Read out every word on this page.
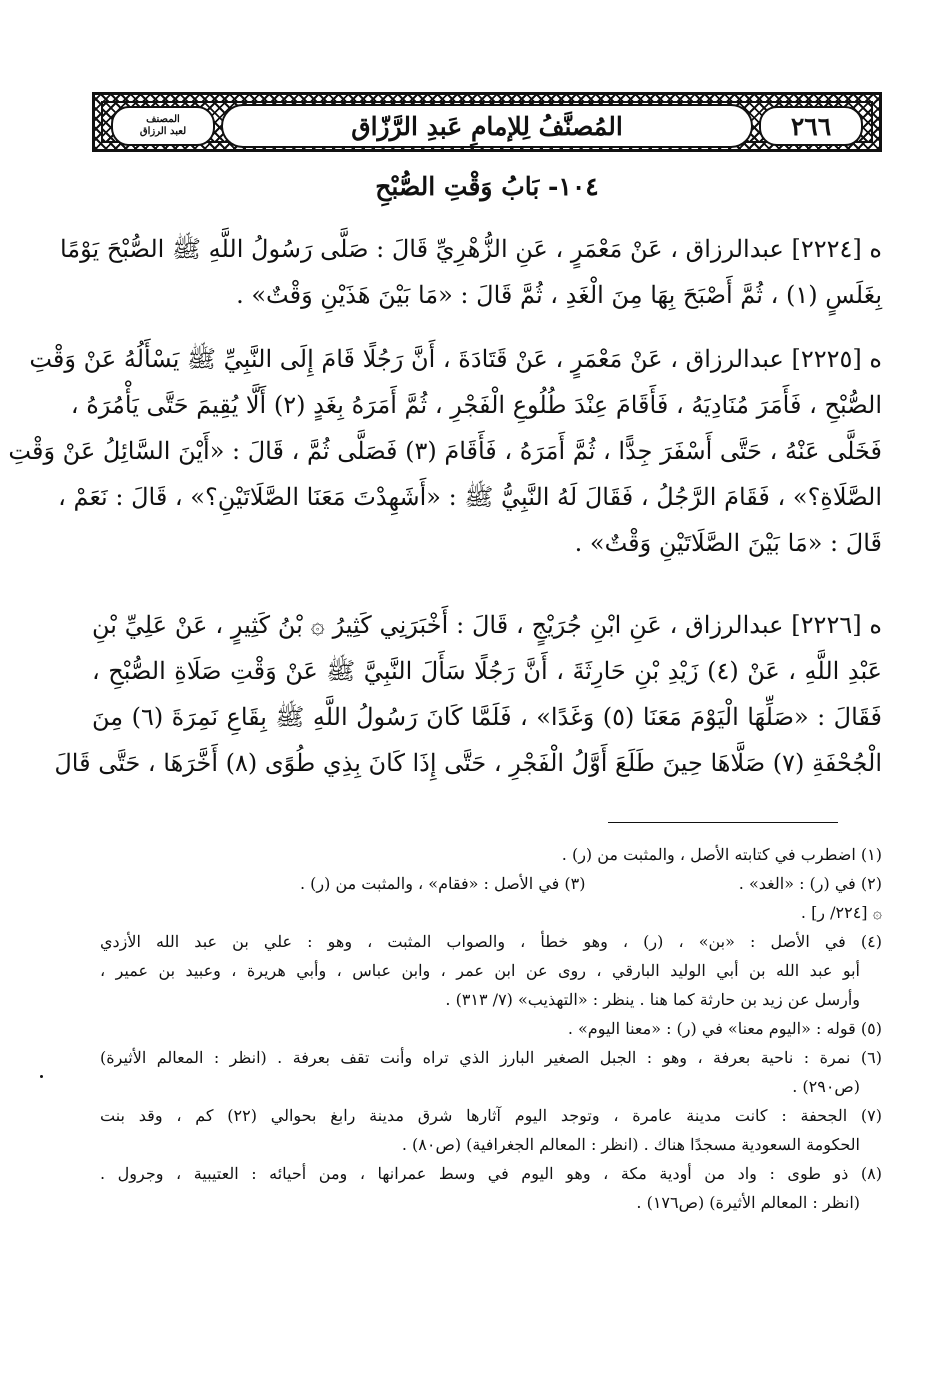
المصنف
لعبد الرزاق	المُصنَّفُ لِلإمامِ عَبدِ الرَّزّاق	٢٦٦
١٠٤- بَابُ وَقْتِ الصُّبْحِ
ه [٢٢٢٤] عبدالرزاق ، عَنْ مَعْمَرٍ ، عَنِ الزُّهْرِيِّ قَالَ : صَلَّى رَسُولُ اللَّهِ ﷺ الصُّبْحَ يَوْمًا
بِغَلَسٍ (١) ، ثُمَّ أَصْبَحَ بِهَا مِنَ الْغَدِ ، ثُمَّ قَالَ : «مَا بَيْنَ هَذَيْنِ وَقْتٌ» .
ه [٢٢٢٥] عبدالرزاق ، عَنْ مَعْمَرٍ ، عَنْ قَتَادَةَ ، أَنَّ رَجُلًا قَامَ إِلَى النَّبِيِّ ﷺ يَسْأَلُهُ عَنْ وَقْتِ
الصُّبْحِ ، فَأَمَرَ مُنَادِيَهُ ، فَأَقَامَ عِنْدَ طُلُوعِ الْفَجْرِ ، ثُمَّ أَمَرَهُ بِغَدٍ (٢) أَلَّا يُقِيمَ حَتَّى يَأْمُرَهُ ،
فَخَلَّى عَنْهُ ، حَتَّى أَسْفَرَ جِدًّا ، ثُمَّ أَمَرَهُ ، فَأَقَامَ (٣) فَصَلَّى ثُمَّ ، قَالَ : «أَيْنَ السَّائِلُ عَنْ وَقْتِ
الصَّلَاةِ؟» ، فَقَامَ الرَّجُلُ ، فَقَالَ لَهُ النَّبِيُّ ﷺ : «أَشَهِدْتَ مَعَنَا الصَّلَاتَيْنِ؟» ، قَالَ : نَعَمْ ،
قَالَ : «مَا بَيْنَ الصَّلَاتَيْنِ وَقْتٌ» .
ه [٢٢٢٦] عبدالرزاق ، عَنِ ابْنِ جُرَيْجٍ ، قَالَ : أَخْبَرَنِي كَثِيرُ ۞ بْنُ كَثِيرٍ ، عَنْ عَلِيِّ بْنِ
عَبْدِ اللَّهِ ، عَنْ (٤) زَيْدِ بْنِ حَارِثَةَ ، أَنَّ رَجُلًا سَأَلَ النَّبِيَّ ﷺ عَنْ وَقْتِ صَلَاةِ الصُّبْحِ ،
فَقَالَ : «صَلِّهَا الْيَوْمَ مَعَنَا (٥) وَغَدًا» ، فَلَمَّا كَانَ رَسُولُ اللَّهِ ﷺ بِقَاعِ نَمِرَةَ (٦) مِنَ
الْجُحْفَةِ (٧) صَلَّاهَا حِينَ طَلَعَ أَوَّلُ الْفَجْرِ ، حَتَّى إِذَا كَانَ بِذِي طُوًى (٨) أَخَّرَهَا ، حَتَّى قَالَ
(١) اضطرب في كتابته الأصل ، والمثبت من (ر) .
(٢) في (ر) : «الغد» .
(٣) في الأصل : «فقام» ، والمثبت من (ر) .
۞ [٢٢٤/ ر] .
(٤) في الأصل : «بن» ، (ر) ، وهو خطأ ، والصواب المثبت ، وهو : علي بن عبد الله الأزدي
أبو عبد الله بن أبي الوليد البارقي ، روى عن ابن عمر ، وابن عباس ، وأبي هريرة ، وعبيد بن عمير ،
وأرسل عن زيد بن حارثة كما هنا . ينظر : «التهذيب» (٧/ ٣١٣) .
(٥) قوله : «اليوم معنا» في (ر) : «معنا اليوم» .
(٦) نمرة : ناحية بعرفة ، وهو : الجبل الصغير البارز الذي تراه وأنت تقف بعرفة . (انظر : المعالم الأثيرة)
(ص٢٩٠) .
(٧) الجحفة : كانت مدينة عامرة ، وتوجد اليوم آثارها شرق مدينة رابغ بحوالي (٢٢) كم ، وقد بنت
الحكومة السعودية مسجدًا هناك . (انظر : المعالم الجغرافية) (ص٨٠) .
(٨) ذو طوى : واد من أودية مكة ، وهو اليوم في وسط عمرانها ، ومن أحيائه : العتيبية ، وجرول .
(انظر : المعالم الأثيرة) (ص١٧٦) .
